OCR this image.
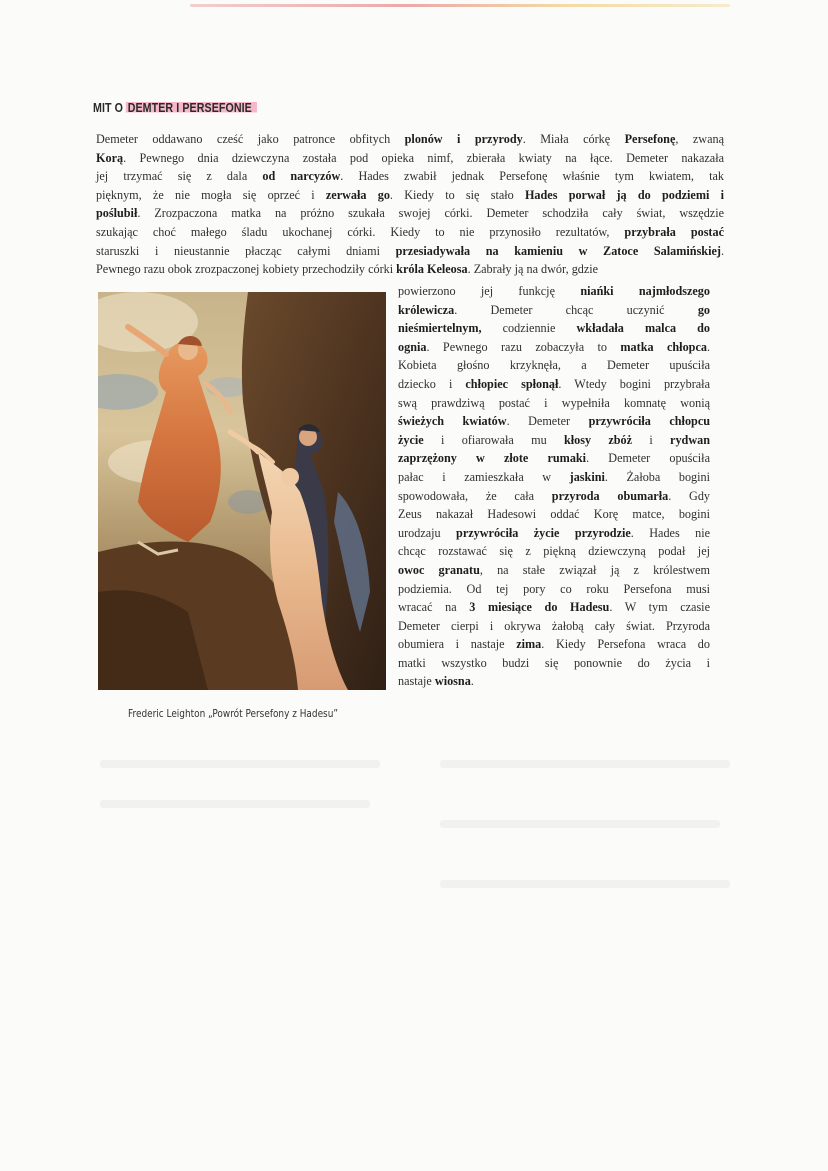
MIT O DEMTER I PERSEFONIE
Demeter oddawano cześć jako patronce obfitych plonów i przyrody. Miała córkę Persefonę, zwaną
Korą. Pewnego dnia dziewczyna została pod opieka nimf, zbierała kwiaty na łące. Demeter nakazała
jej trzymać się z dala od narcyzów. Hades zwabił jednak Persefonę właśnie tym kwiatem, tak
pięknym, że nie mogła się oprzeć i zerwała go. Kiedy to się stało Hades porwał ją do podziemi i
poślubił. Zrozpaczona matka na próżno szukała swojej córki. Demeter schodziła cały świat, wszędzie
szukając choć małego śladu ukochanej córki. Kiedy to nie przynosiło rezultatów, przybrała postać
staruszki i nieustannie płacząc całymi dniami przesiadywała na kamieniu w Zatoce Salamińskiej.
Pewnego razu obok zrozpaczonej kobiety przechodziły córki króla Keleosa. Zabrały ją na dwór, gdzie
powierzono jej funkcję niańki najmłodszego
królewicza. Demeter chcąc uczynić go
nieśmiertelnym, codziennie wkładała malca do
ognia. Pewnego razu zobaczyła to matka chłopca.
Kobieta głośno krzyknęła, a Demeter upuściła
dziecko i chłopiec spłonął. Wtedy bogini przybrała
swą prawdziwą postać i wypełniła komnatę wonią
świeżych kwiatów. Demeter przywróciła chłopcu
życie i ofiarowała mu kłosy zbóż i rydwan
zaprzężony w złote rumaki. Demeter opuściła
pałac i zamieszkała w jaskini. Żałoba bogini
spowodowała, że cała przyroda obumarła. Gdy
Zeus nakazał Hadesowi oddać Korę matce, bogini
urodzaju przywróciła życie przyrodzie. Hades nie
chcąc rozstawać się z piękną dziewczyną podał jej
owoc granatu, na stałe związał ją z królestwem
podziemia. Od tej pory co roku Persefona musi
wracać na 3 miesiące do Hadesu. W tym czasie
Demeter cierpi i okrywa żałobą cały świat. Przyroda
obumiera i nastaje zima. Kiedy Persefona wraca do
matki wszystko budzi się ponownie do życia i
nastaje wiosna.
Frederic Leighton „Powrót Persefony z Hadesu”
